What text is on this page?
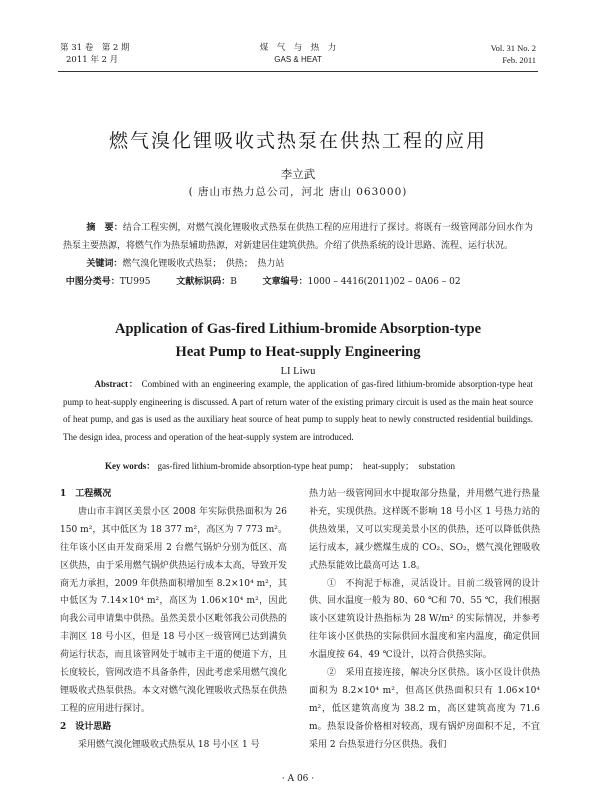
第 31 卷　第 2 期
2011 年 2 月
煤　气　与　热　力
GAS & HEAT
Vol. 31 No. 2
Feb. 2011
燃气溴化锂吸收式热泵在供热工程的应用
李立武
( 唐山市热力总公司，河北 唐山 063000)
摘　要：结合工程实例，对燃气溴化锂吸收式热泵在供热工程的应用进行了探讨。将既有一级管网部分回水作为热泵主要热源，将燃气作为热泵辅助热源，对新建居住建筑供热。介绍了供热系统的设计思路、流程、运行状况。
关键词：燃气溴化锂吸收式热泵；　供热；　热力站
中图分类号：TU995	文献标识码：B	文章编号：1000 – 4416(2011)02 – 0A06 – 02
Application of Gas-fired Lithium-bromide Absorption-type
Heat Pump to Heat-supply Engineering
LI Liwu
Abstract： Combined with an engineering example, the application of gas-fired lithium-bromide absorption-type heat pump to heat-supply engineering is discussed. A part of return water of the existing primary circuit is used as the main heat source of heat pump, and gas is used as the auxiliary heat source of heat pump to supply heat to newly constructed residential buildings. The design idea, process and operation of the heat-supply system are introduced.
Key words： gas-fired lithium-bromide absorption-type heat pump；　heat-supply；　substation
1　工程概况
唐山市丰润区美景小区 2008 年实际供热面积为 26 150 m²，其中低区为 18 377 m²，高区为 7 773 m²。往年该小区由开发商采用 2 台燃气锅炉分别为低区、高区供热，由于采用燃气锅炉供热运行成本太高，导致开发商无力承担，2009 年供热面积增加至 8.2×10⁴ m²，其中低区为 7.14×10⁴ m²，高区为 1.06×10⁴ m²，因此向我公司申请集中供热。虽然美景小区毗邻我公司供热的丰润区 18 号小区，但是 18 号小区一级管网已达到满负荷运行状态，而且该管网处于城市主干道的便道下方，且长度较长，管网改造不具备条件，因此考虑采用燃气溴化锂吸收式热泵供热。本文对燃气溴化锂吸收式热泵在供热工程的应用进行探讨。
2　设计思路
采用燃气溴化锂吸收式热泵从 18 号小区 1 号
热力站一级管网回水中提取部分热量，并用燃气进行热量补充，实现供热。这样既不影响 18 号小区 1 号热力站的供热效果，又可以实现美景小区的供热，还可以降低供热运行成本，减少燃煤生成的 CO₂、SO₂，燃气溴化锂吸收式热泵能效比最高可达 1.8。
①　不拘泥于标准，灵活设计。目前二级管网的设计供、回水温度一般为 80、60 ℃和 70、55 ℃，我们根据该小区建筑设计热指标为 28 W/m² 的实际情况，并参考往年该小区供热的实际供回水温度和室内温度，确定供回水温度按 64、49 ℃设计，以符合供热实际。
②　采用直接连接，解决分区供热。该小区设计供热面积为 8.2×10⁴ m²，但高区供热面积只有 1.06×10⁴ m²，低区建筑高度为 38.2 m，高区建筑高度为 71.6 m。热泵设备价格相对较高，现有锅炉房面积不足，不宜采用 2 台热泵进行分区供热。我们
· A 06 ·
